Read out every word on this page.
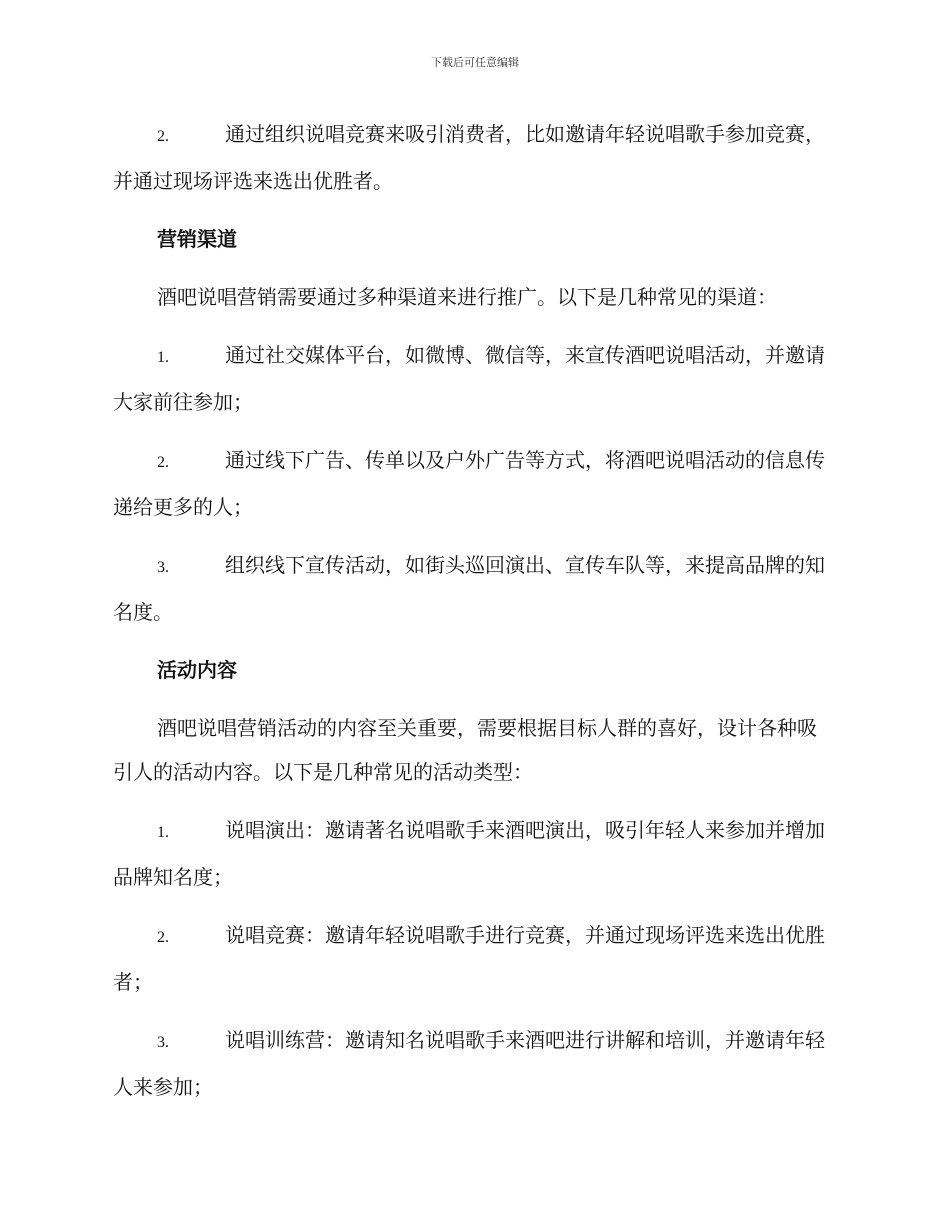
下载后可任意编辑
2.	通过组织说唱竞赛来吸引消费者，比如邀请年轻说唱歌手参加竞赛，并通过现场评选来选出优胜者。
营销渠道
酒吧说唱营销需要通过多种渠道来进行推广。以下是几种常见的渠道：
1.	通过社交媒体平台，如微博、微信等，来宣传酒吧说唱活动，并邀请大家前往参加；
2.	通过线下广告、传单以及户外广告等方式，将酒吧说唱活动的信息传递给更多的人；
3.	组织线下宣传活动，如街头巡回演出、宣传车队等，来提高品牌的知名度。
活动内容
酒吧说唱营销活动的内容至关重要，需要根据目标人群的喜好，设计各种吸引人的活动内容。以下是几种常见的活动类型：
1.	说唱演出：邀请著名说唱歌手来酒吧演出，吸引年轻人来参加并增加品牌知名度；
2.	说唱竞赛：邀请年轻说唱歌手进行竞赛，并通过现场评选来选出优胜者；
3.	说唱训练营：邀请知名说唱歌手来酒吧进行讲解和培训，并邀请年轻人来参加；
